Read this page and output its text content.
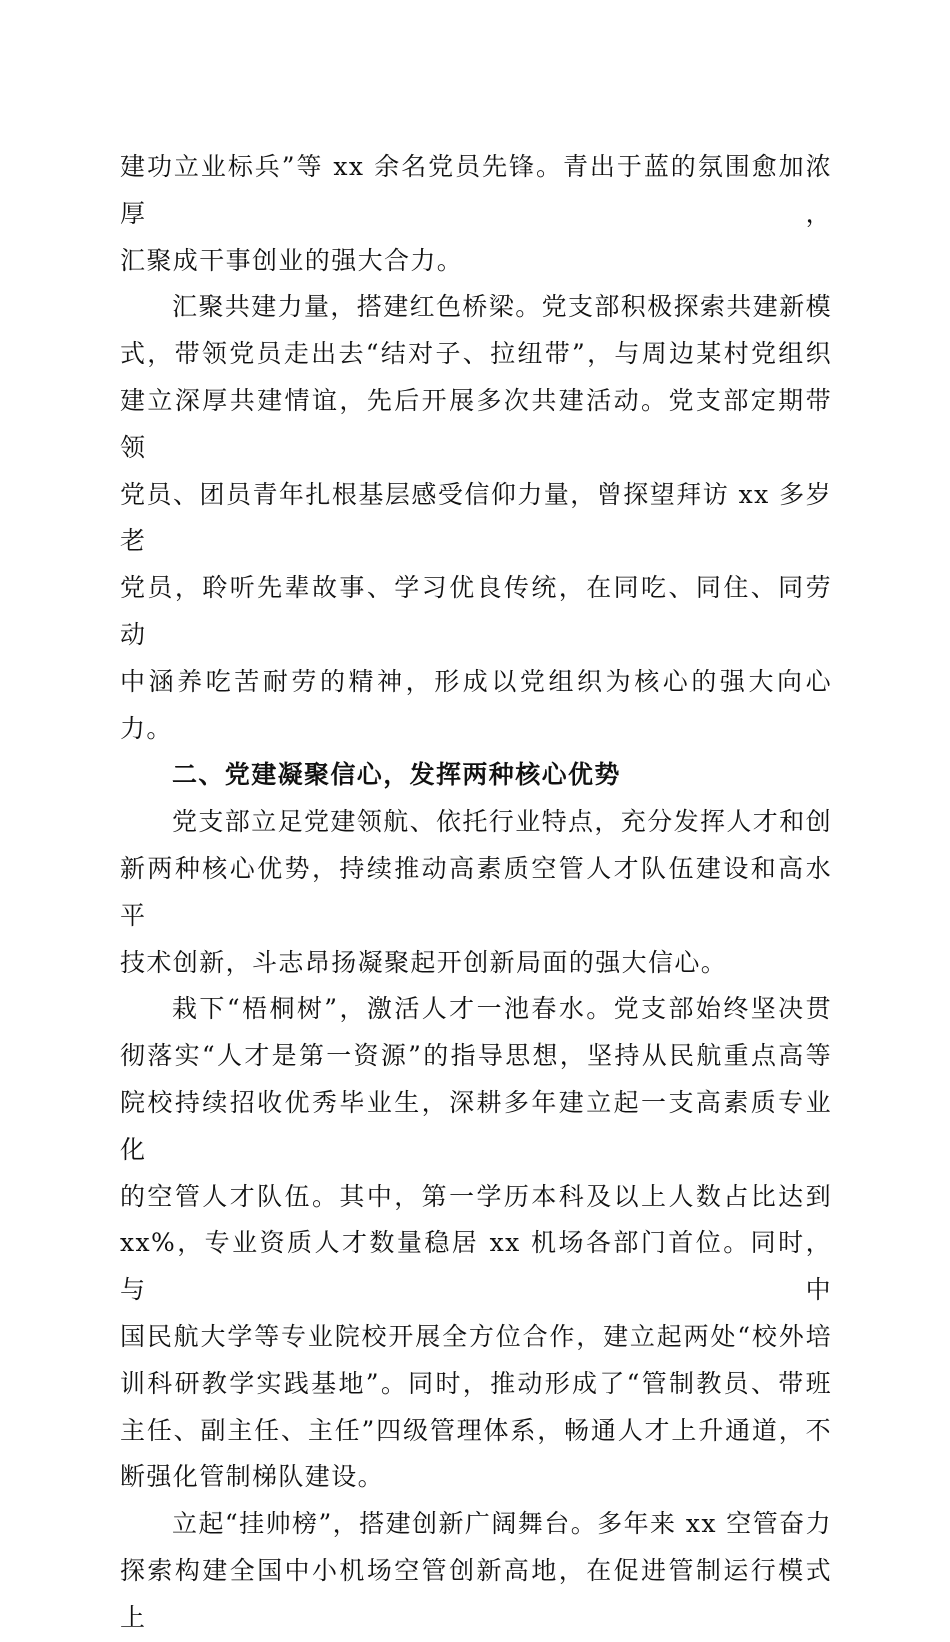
建功立业标兵”等 xx 余名党员先锋。青出于蓝的氛围愈加浓厚，
汇聚成干事创业的强大合力。

汇聚共建力量，搭建红色桥梁。党支部积极探索共建新模
式，带领党员走出去“结对子、拉纽带”，与周边某村党组织
建立深厚共建情谊，先后开展多次共建活动。党支部定期带领
党员、团员青年扎根基层感受信仰力量，曾探望拜访 xx 多岁老
党员，聆听先辈故事、学习优良传统，在同吃、同住、同劳动
中涵养吃苦耐劳的精神，形成以党组织为核心的强大向心力。

二、党建凝聚信心，发挥两种核心优势

党支部立足党建领航、依托行业特点，充分发挥人才和创
新两种核心优势，持续推动高素质空管人才队伍建设和高水平
技术创新，斗志昂扬凝聚起开创新局面的强大信心。

栽下“梧桐树”，激活人才一池春水。党支部始终坚决贯
彻落实“人才是第一资源”的指导思想，坚持从民航重点高等
院校持续招收优秀毕业生，深耕多年建立起一支高素质专业化
的空管人才队伍。其中，第一学历本科及以上人数占比达到
xx%，专业资质人才数量稳居 xx 机场各部门首位。同时，与中
国民航大学等专业院校开展全方位合作，建立起两处“校外培
训科研教学实践基地”。同时，推动形成了“管制教员、带班
主任、副主任、主任”四级管理体系，畅通人才上升通道，不
断强化管制梯队建设。

立起“挂帅榜”，搭建创新广阔舞台。多年来 xx 空管奋力
探索构建全国中小机场空管创新高地，在促进管制运行模式上
